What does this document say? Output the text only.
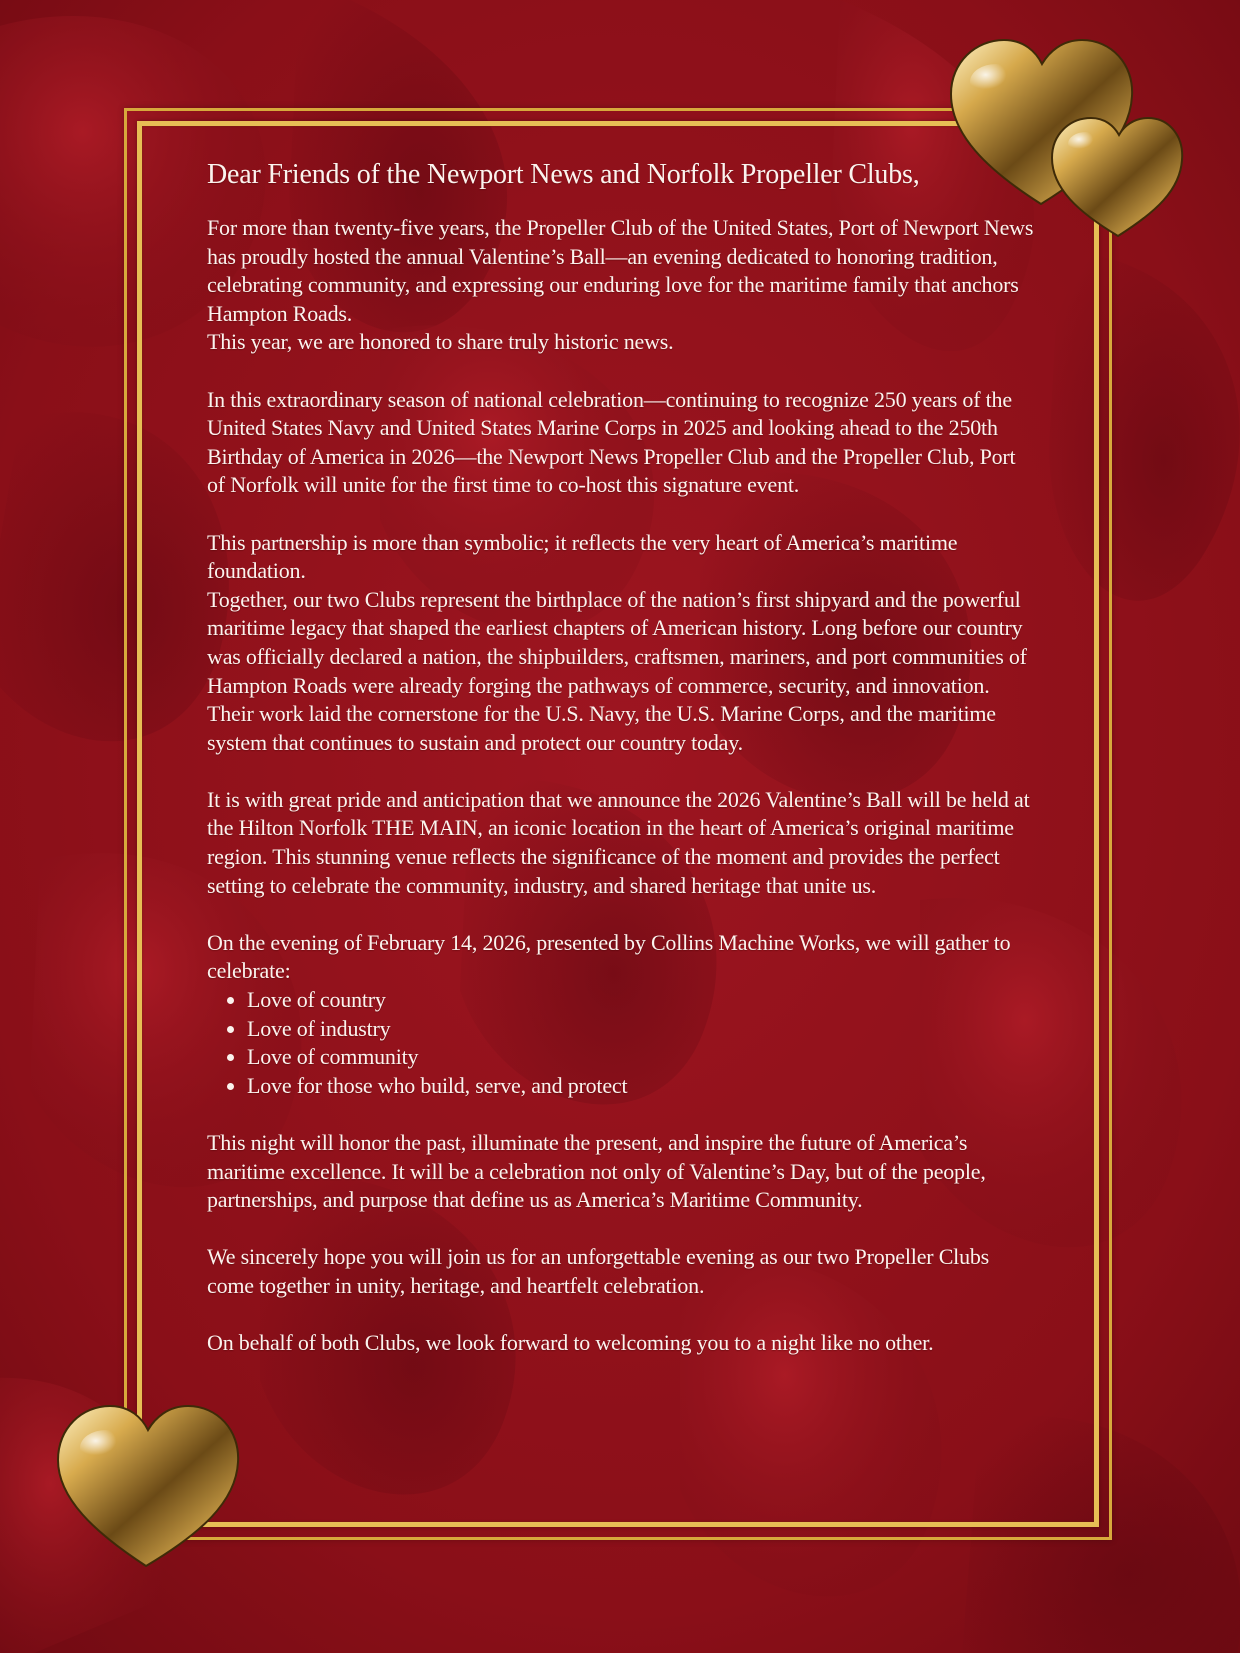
Dear Friends of the Newport News and Norfolk Propeller Clubs,

For more than twenty-five years, the Propeller Club of the United States, Port of Newport News has proudly hosted the annual Valentine’s Ball—an evening dedicated to honoring tradition, celebrating community, and expressing our enduring love for the maritime family that anchors Hampton Roads.
This year, we are honored to share truly historic news.

In this extraordinary season of national celebration—continuing to recognize 250 years of the United States Navy and United States Marine Corps in 2025 and looking ahead to the 250th Birthday of America in 2026—the Newport News Propeller Club and the Propeller Club, Port of Norfolk will unite for the first time to co-host this signature event.

This partnership is more than symbolic; it reflects the very heart of America’s maritime foundation.
Together, our two Clubs represent the birthplace of the nation’s first shipyard and the powerful maritime legacy that shaped the earliest chapters of American history. Long before our country was officially declared a nation, the shipbuilders, craftsmen, mariners, and port communities of Hampton Roads were already forging the pathways of commerce, security, and innovation. Their work laid the cornerstone for the U.S. Navy, the U.S. Marine Corps, and the maritime system that continues to sustain and protect our country today.

It is with great pride and anticipation that we announce the 2026 Valentine’s Ball will be held at the Hilton Norfolk THE MAIN, an iconic location in the heart of America’s original maritime region. This stunning venue reflects the significance of the moment and provides the perfect setting to celebrate the community, industry, and shared heritage that unite us.

On the evening of February 14, 2026, presented by Collins Machine Works, we will gather to celebrate:

• Love of country
• Love of industry
• Love of community
• Love for those who build, serve, and protect

This night will honor the past, illuminate the present, and inspire the future of America’s maritime excellence. It will be a celebration not only of Valentine’s Day, but of the people, partnerships, and purpose that define us as America’s Maritime Community.

We sincerely hope you will join us for an unforgettable evening as our two Propeller Clubs come together in unity, heritage, and heartfelt celebration.

On behalf of both Clubs, we look forward to welcoming you to a night like no other.
